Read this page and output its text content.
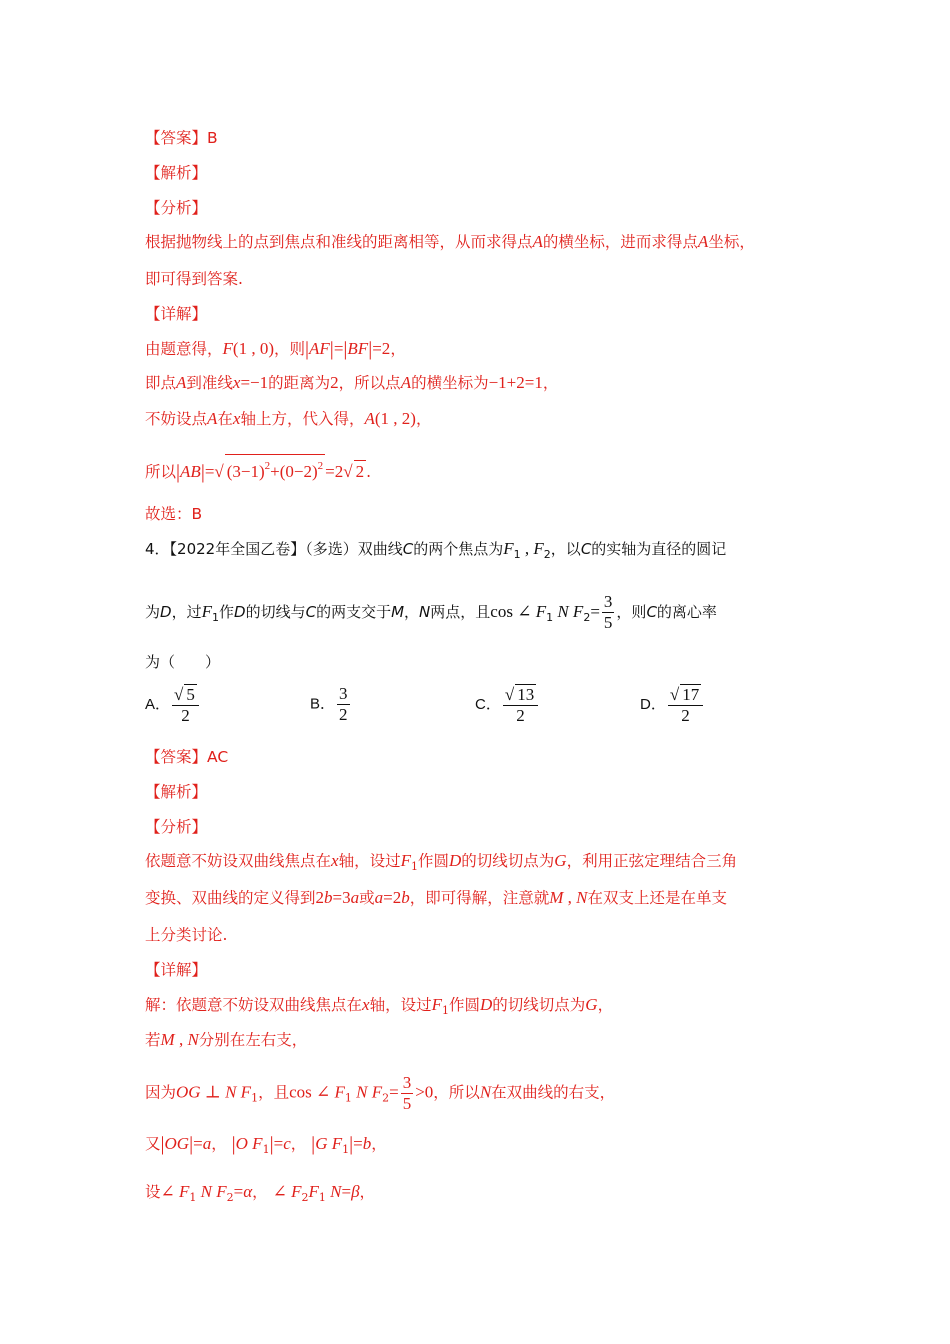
【答案】B
【解析】
【分析】
根据抛物线上的点到焦点和准线的距离相等，从而求得点A的横坐标，进而求得点A坐标，
即可得到答案.
【详解】
由题意得，F(1 , 0)，则|AF|=|BF|=2，
即点A到准线x=−1的距离为2，所以点A的横坐标为−1+2=1，
不妨设点A在x轴上方，代入得，A(1 , 2)，
所以|AB|=√ $(3-1)^2+(0-2)^2 =2√$ 2 .
故选：B
4．【2022年全国乙卷】（多选）双曲线C的两个焦点为$F_1$ , $F_2$，以C的实轴为直径的圆记
为D，过$F_1$作D的切线与C的两支交于M，N两点，且cos ∠ $F_1$ N $F_2= \frac{3}{5}$ ，则C的离心率
为（　　）
A． $\frac{√ 5}{2}$	B． $\frac{3}{2}$	C． $\frac{√ 13}{2}$	D． $\frac{√ 17}{2}$
【答案】AC
【解析】
【分析】
依题意不妨设双曲线焦点在x轴，设过$F_1$作圆D的切线切点为G，利用正弦定理结合三角
变换、双曲线的定义得到2b=3a或a=2b，即可得解，注意就M , N在双支上还是在单支
上分类讨论.
【详解】
解：依题意不妨设双曲线焦点在x轴，设过$F_1$作圆D的切线切点为G，
若M , N分别在左右支，
因为OG ⊥ N $F_1$，且cos ∠ $F_1$ N $F_2= \frac{3}{5} >0$，所以N在双曲线的右支，
又|OG|=a， |O $F_1|=c$， |G $F_1|=b$，
设∠ $F_1$ N $F_2=\alpha$， ∠ $F_2F_1$ N=β，
